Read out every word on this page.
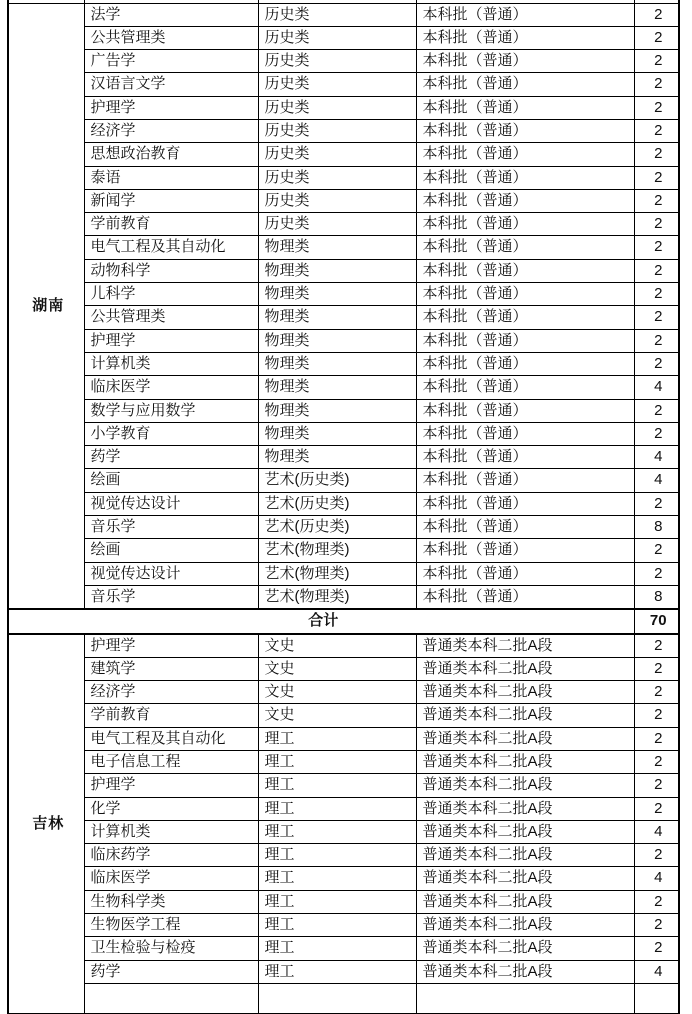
湖南	法学	历史类	本科批（普通）	2
	公共管理类	历史类	本科批（普通）	2
	广告学	历史类	本科批（普通）	2
	汉语言文学	历史类	本科批（普通）	2
	护理学	历史类	本科批（普通）	2
	经济学	历史类	本科批（普通）	2
	思想政治教育	历史类	本科批（普通）	2
	泰语	历史类	本科批（普通）	2
	新闻学	历史类	本科批（普通）	2
	学前教育	历史类	本科批（普通）	2
	电气工程及其自动化	物理类	本科批（普通）	2
	动物科学	物理类	本科批（普通）	2
	儿科学	物理类	本科批（普通）	2
	公共管理类	物理类	本科批（普通）	2
	护理学	物理类	本科批（普通）	2
	计算机类	物理类	本科批（普通）	2
	临床医学	物理类	本科批（普通）	4
	数学与应用数学	物理类	本科批（普通）	2
	小学教育	物理类	本科批（普通）	2
	药学	物理类	本科批（普通）	4
	绘画	艺术(历史类)	本科批（普通）	4
	视觉传达设计	艺术(历史类)	本科批（普通）	2
	音乐学	艺术(历史类)	本科批（普通）	8
	绘画	艺术(物理类)	本科批（普通）	2
	视觉传达设计	艺术(物理类)	本科批（普通）	2
	音乐学	艺术(物理类)	本科批（普通）	8
合计				70
吉林	护理学	文史	普通类本科二批A段	2
	建筑学	文史	普通类本科二批A段	2
	经济学	文史	普通类本科二批A段	2
	学前教育	文史	普通类本科二批A段	2
	电气工程及其自动化	理工	普通类本科二批A段	2
	电子信息工程	理工	普通类本科二批A段	2
	护理学	理工	普通类本科二批A段	2
	化学	理工	普通类本科二批A段	2
	计算机类	理工	普通类本科二批A段	4
	临床药学	理工	普通类本科二批A段	2
	临床医学	理工	普通类本科二批A段	4
	生物科学类	理工	普通类本科二批A段	2
	生物医学工程	理工	普通类本科二批A段	2
	卫生检验与检疫	理工	普通类本科二批A段	2
	药学	理工	普通类本科二批A段	4
